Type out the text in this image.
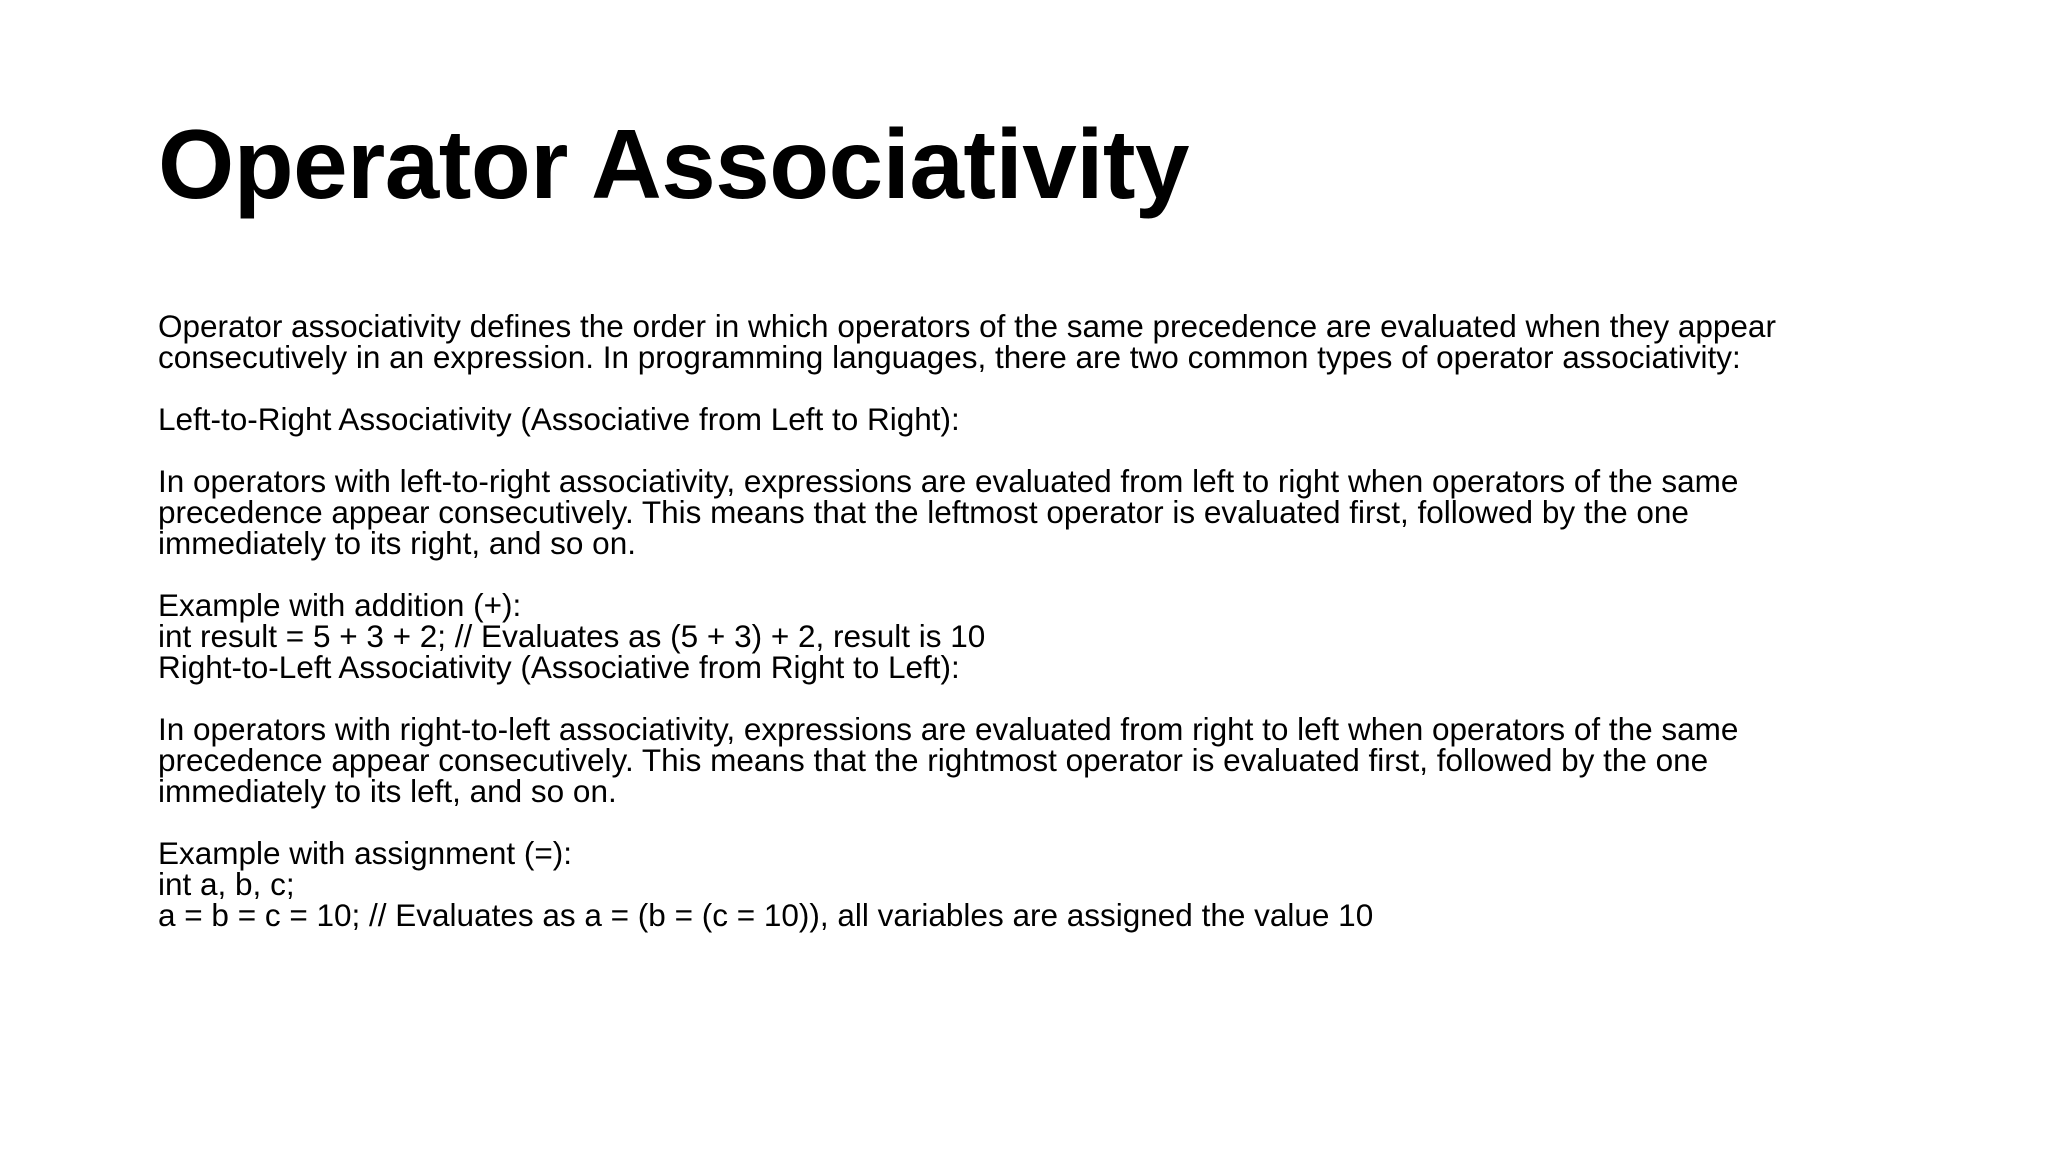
Operator Associativity
Operator associativity defines the order in which operators of the same precedence are evaluated when they appear
consecutively in an expression. In programming languages, there are two common types of operator associativity:
Left-to-Right Associativity (Associative from Left to Right):
In operators with left-to-right associativity, expressions are evaluated from left to right when operators of the same
precedence appear consecutively. This means that the leftmost operator is evaluated first, followed by the one
immediately to its right, and so on.
Example with addition (+):
int result = 5 + 3 + 2; // Evaluates as (5 + 3) + 2, result is 10
Right-to-Left Associativity (Associative from Right to Left):
In operators with right-to-left associativity, expressions are evaluated from right to left when operators of the same
precedence appear consecutively. This means that the rightmost operator is evaluated first, followed by the one
immediately to its left, and so on.
Example with assignment (=):
int a, b, c;
a = b = c = 10; // Evaluates as a = (b = (c = 10)), all variables are assigned the value 10
